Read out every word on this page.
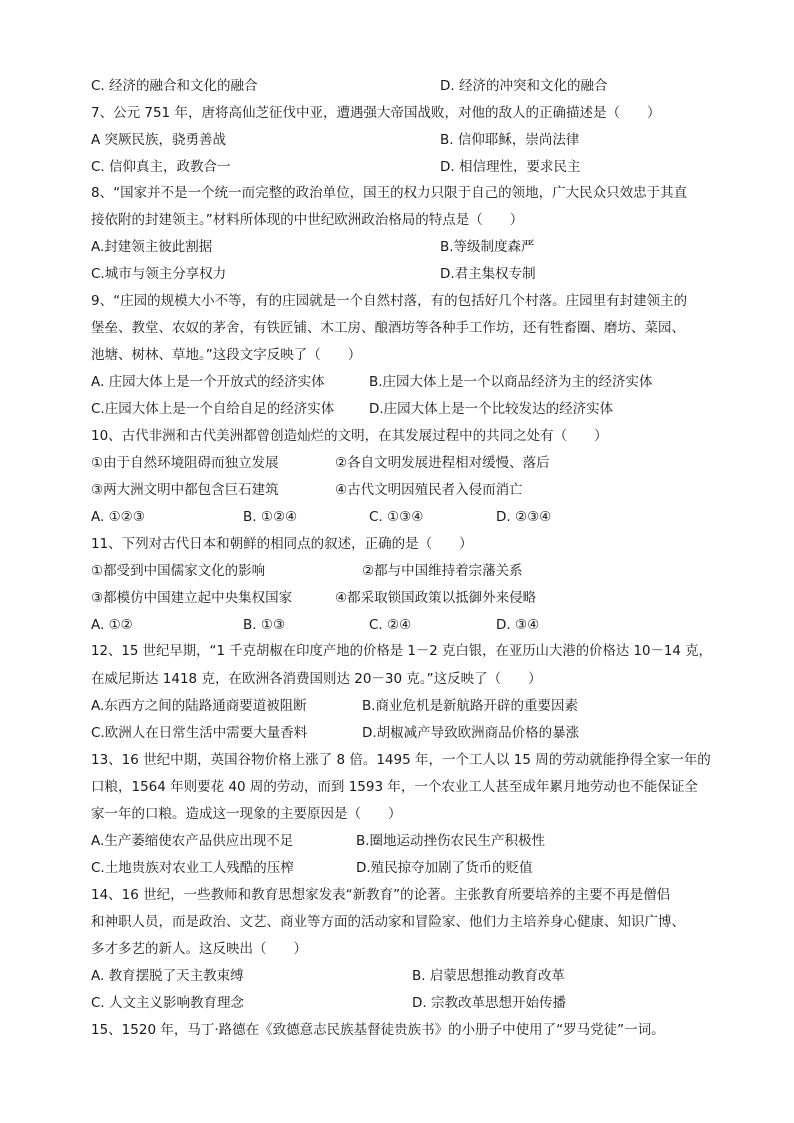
C. 经济的融合和文化的融合	D. 经济的冲突和文化的融合
7、公元 751 年，唐将高仙芝征伐中亚，遭遇强大帝国战败，对他的敌人的正确描述是（　　）
A 突厥民族，骁勇善战	B. 信仰耶稣，崇尚法律
C. 信仰真主，政教合一	D. 相信理性，要求民主
8、“国家并不是一个统一而完整的政治单位，国王的权力只限于自己的领地，广大民众只效忠于其直
接依附的封建领主。”材料所体现的中世纪欧洲政治格局的特点是（　　）
A.封建领主彼此割据	B.等级制度森严
C.城市与领主分享权力	D.君主集权专制
9、“庄园的规模大小不等，有的庄园就是一个自然村落，有的包括好几个村落。庄园里有封建领主的
堡垒、教堂、农奴的茅舍，有铁匠铺、木工房、酿酒坊等各种手工作坊，还有牲畜圈、磨坊、菜园、
池塘、树林、草地。”这段文字反映了（　　）
A. 庄园大体上是一个开放式的经济实体	B.庄园大体上是一个以商品经济为主的经济实体
C.庄园大体上是一个自给自足的经济实体	D.庄园大体上是一个比较发达的经济实体
10、古代非洲和古代美洲都曾创造灿烂的文明，在其发展过程中的共同之处有（　　）
①由于自然环境阻碍而独立发展	②各自文明发展进程相对缓慢、落后
③两大洲文明中都包含巨石建筑	④古代文明因殖民者入侵而消亡
A. ①②③	B. ①②④	C. ①③④	D. ②③④
11、下列对古代日本和朝鲜的相同点的叙述，正确的是（　　）
①都受到中国儒家文化的影响	②都与中国维持着宗藩关系
③都模仿中国建立起中央集权国家	④都采取锁国政策以抵御外来侵略
A. ①②	B. ①③	C. ②④	D. ③④
12、15 世纪早期，“1 千克胡椒在印度产地的价格是 1－2 克白银，在亚历山大港的价格达 10－14 克，
在威尼斯达 1418 克，在欧洲各消费国则达 20－30 克。”这反映了（　　）
A.东西方之间的陆路通商要道被阻断	B.商业危机是新航路开辟的重要因素
C.欧洲人在日常生活中需要大量香料	D.胡椒减产导致欧洲商品价格的暴涨
13、16 世纪中期，英国谷物价格上涨了 8 倍。1495 年，一个工人以 15 周的劳动就能挣得全家一年的
口粮，1564 年则要花 40 周的劳动，而到 1593 年，一个农业工人甚至成年累月地劳动也不能保证全
家一年的口粮。造成这一现象的主要原因是（　　）
A.生产萎缩使农产品供应出现不足	B.圈地运动挫伤农民生产积极性
C.土地贵族对农业工人残酷的压榨	D.殖民掠夺加剧了货币的贬值
14、16 世纪，一些教师和教育思想家发表“新教育”的论著。主张教育所要培养的主要不再是僧侣
和神职人员，而是政治、文艺、商业等方面的活动家和冒险家、他们力主培养身心健康、知识广博、
多才多艺的新人。这反映出（　　）
A. 教育摆脱了天主教束缚	B. 启蒙思想推动教育改革
C. 人文主义影响教育理念	D. 宗教改革思想开始传播
15、1520 年，马丁·路德在《致德意志民族基督徒贵族书》的小册子中使用了“罗马党徒”一词。
